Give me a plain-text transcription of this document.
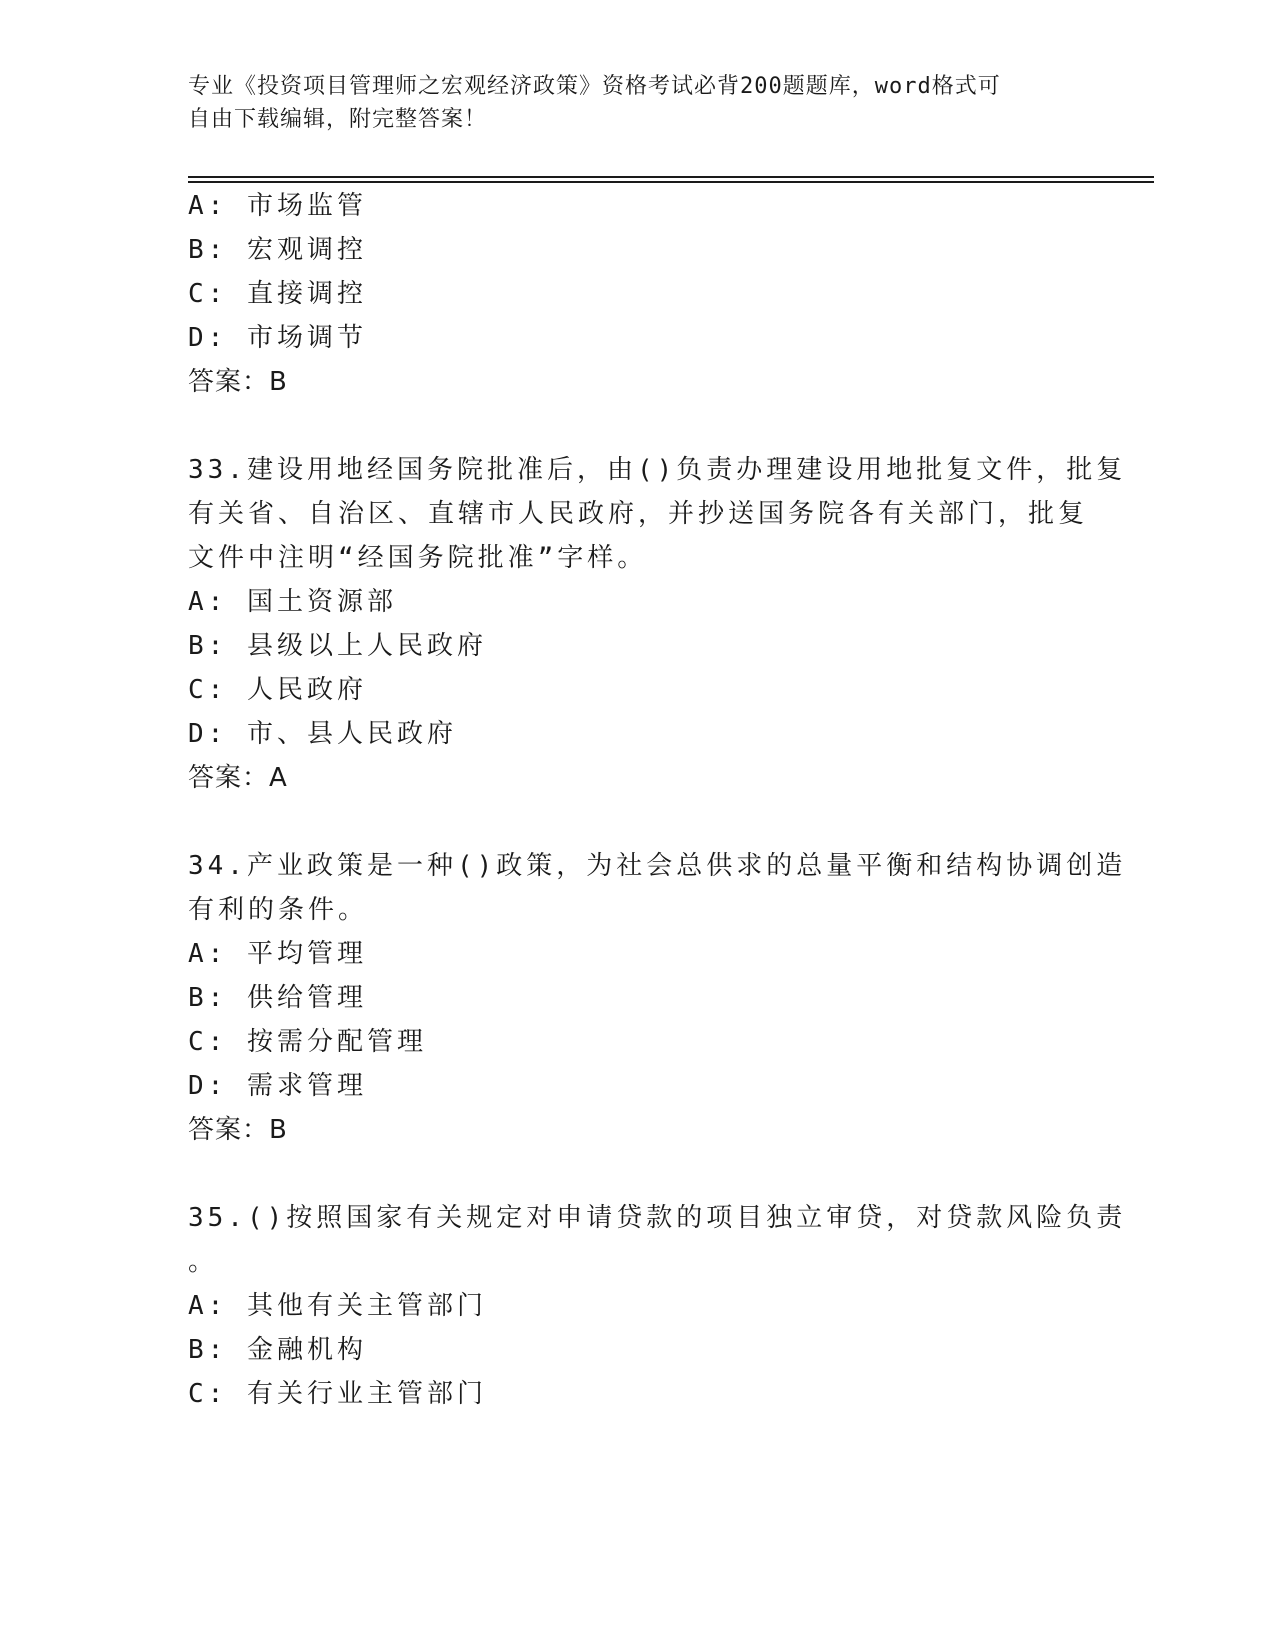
专业《投资项目管理师之宏观经济政策》资格考试必背200题题库，word格式可
自由下载编辑，附完整答案！
A: 市场监管
B: 宏观调控
C: 直接调控
D: 市场调节
答案：B
33.建设用地经国务院批准后，由()负责办理建设用地批复文件，批复
有关省、自治区、直辖市人民政府，并抄送国务院各有关部门，批复
文件中注明“经国务院批准”字样。
A: 国土资源部
B: 县级以上人民政府
C: 人民政府
D: 市、县人民政府
答案：A
34.产业政策是一种()政策，为社会总供求的总量平衡和结构协调创造
有利的条件。
A: 平均管理
B: 供给管理
C: 按需分配管理
D: 需求管理
答案：B
35.()按照国家有关规定对申请贷款的项目独立审贷，对贷款风险负责
。
A: 其他有关主管部门
B: 金融机构
C: 有关行业主管部门
